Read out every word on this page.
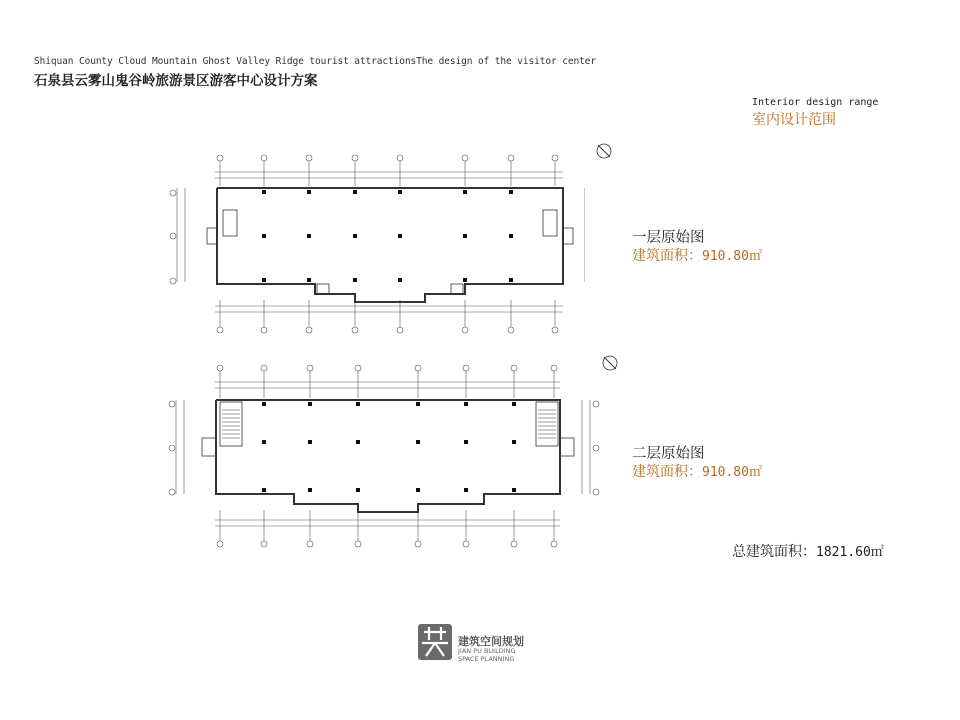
Shiquan County Cloud Mountain Ghost Valley Ridge tourist attractionsThe design of the visitor center
石泉县云雾山鬼谷岭旅游景区游客中心设计方案
Interior design range
室内设计范围
一层原始图
建筑面积：910.80㎡
二层原始图
建筑面积：910.80㎡
总建筑面积：1821.60㎡
建筑空间规划
JIAN PU BUILDING
SPACE PLANNING
